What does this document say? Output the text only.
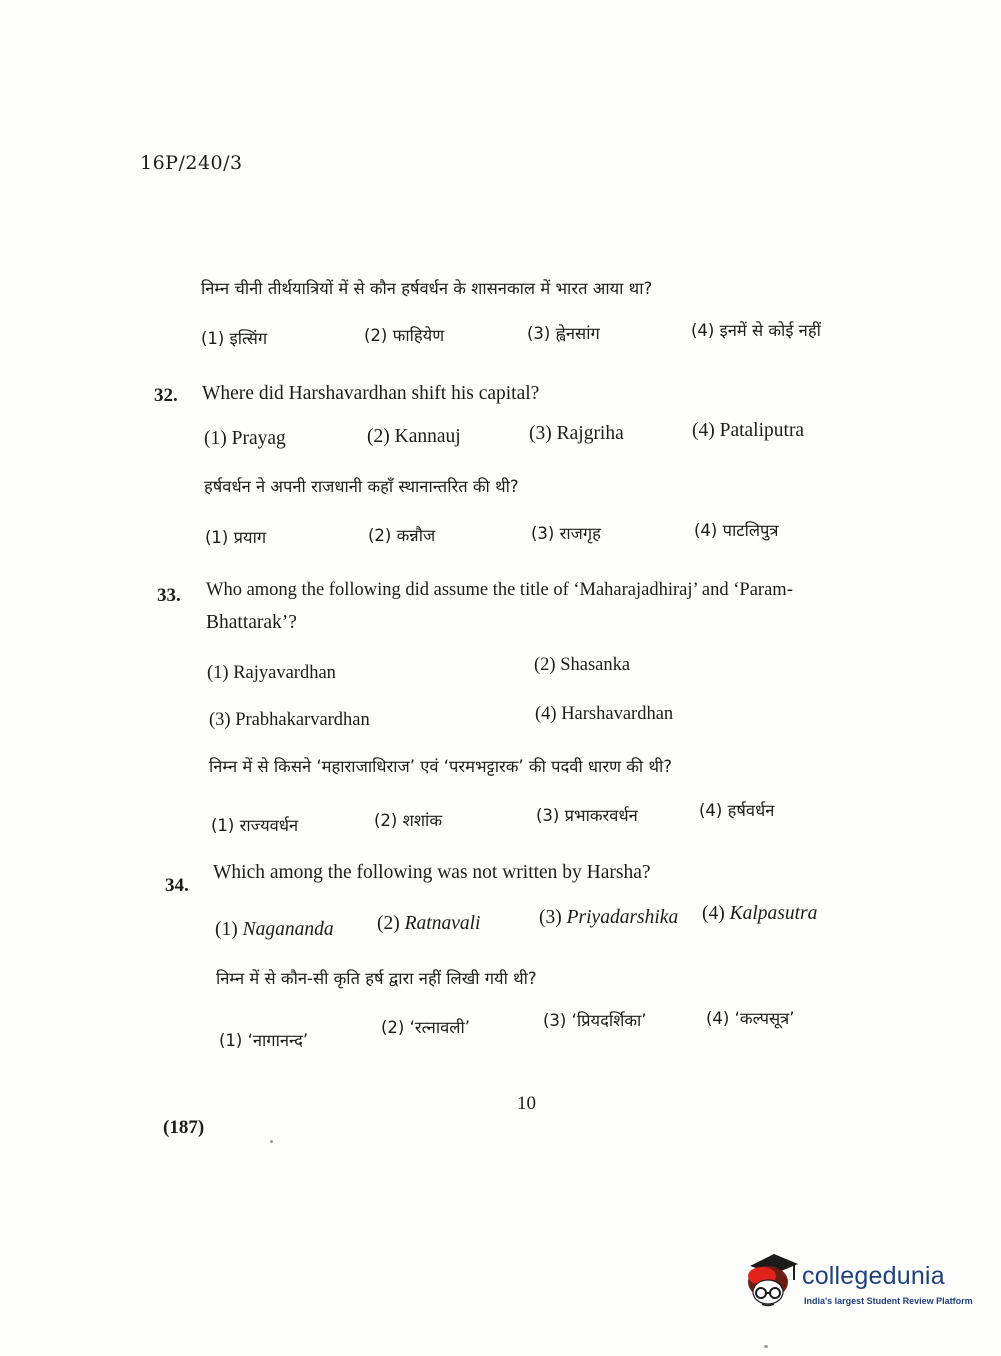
16P/240/3
निम्न चीनी तीर्थयात्रियों में से कौन हर्षवर्धन के शासनकाल में भारत आया था?
(1) इत्सिंग	(2) फाहियेण	(3) ह्वेनसांग	(4) इनमें से कोई नहीं
32. Where did Harshavardhan shift his capital?
(1) Prayag	(2) Kannauj	(3) Rajgriha	(4) Pataliputra
हर्षवर्धन ने अपनी राजधानी कहाँ स्थानान्तरित की थी?
(1) प्रयाग	(2) कन्नौज	(3) राजगृह	(4) पाटलिपुत्र
33. Who among the following did assume the title of ‘Maharajadhiraj’ and ‘Param-
Bhattarak’?
(1) Rajyavardhan	(2) Shasanka
(3) Prabhakarvardhan	(4) Harshavardhan
निम्न में से किसने ‘महाराजाधिराज’ एवं ‘परमभट्टारक’ की पदवी धारण की थी?
(1) राज्यवर्धन	(2) शशांक	(3) प्रभाकरवर्धन	(4) हर्षवर्धन
34.
Which among the following was not written by Harsha?
(1) Nagananda (2) Ratnavali	(3) Priyadarshika (4) Kalpasutra
निम्न में से कौन-सी कृति हर्ष द्वारा नहीं लिखी गयी थी?
(1) ‘नागानन्द’
(2) ‘रत्नावली’	(3) ‘प्रियदर्शिका’	(4) ‘कल्पसूत्र’
10
(187)
collegedunia
India's largest Student Review Platform
